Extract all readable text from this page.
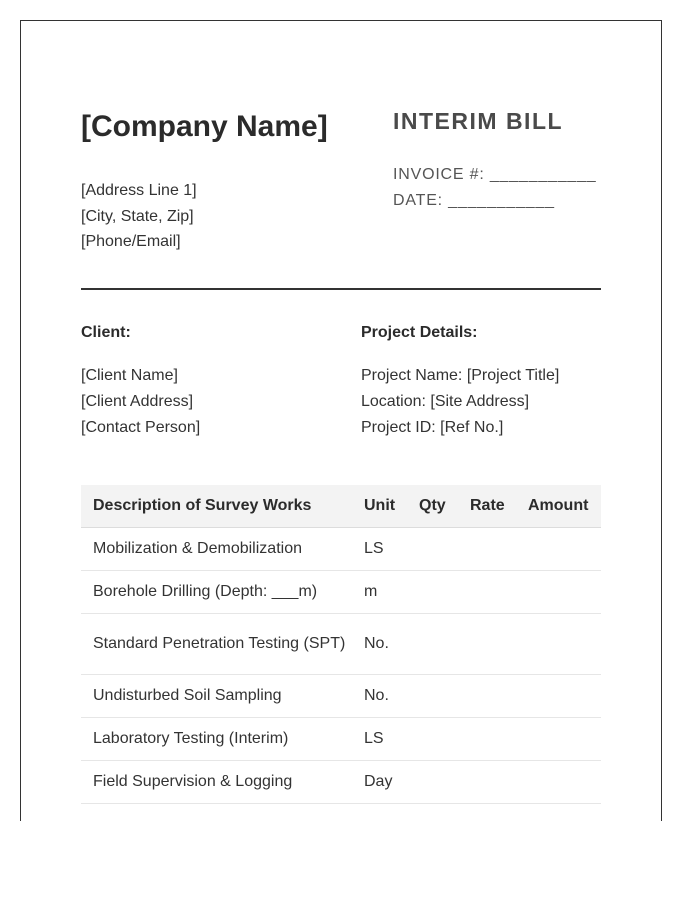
[Company Name]
[Address Line 1]
[City, State, Zip]
[Phone/Email]
INTERIM BILL
INVOICE #: ___________
DATE: ___________
Client:
[Client Name]
[Client Address]
[Contact Person]
Project Details:
Project Name: [Project Title]
Location: [Site Address]
Project ID: [Ref No.]
Description of Survey Works	Unit	Qty	Rate	Amount
Mobilization & Demobilization	LS			
Borehole Drilling (Depth: ___m)	m			
Standard Penetration Testing (SPT)	No.			
Undisturbed Soil Sampling	No.			
Laboratory Testing (Interim)	LS			
Field Supervision & Logging	Day			
